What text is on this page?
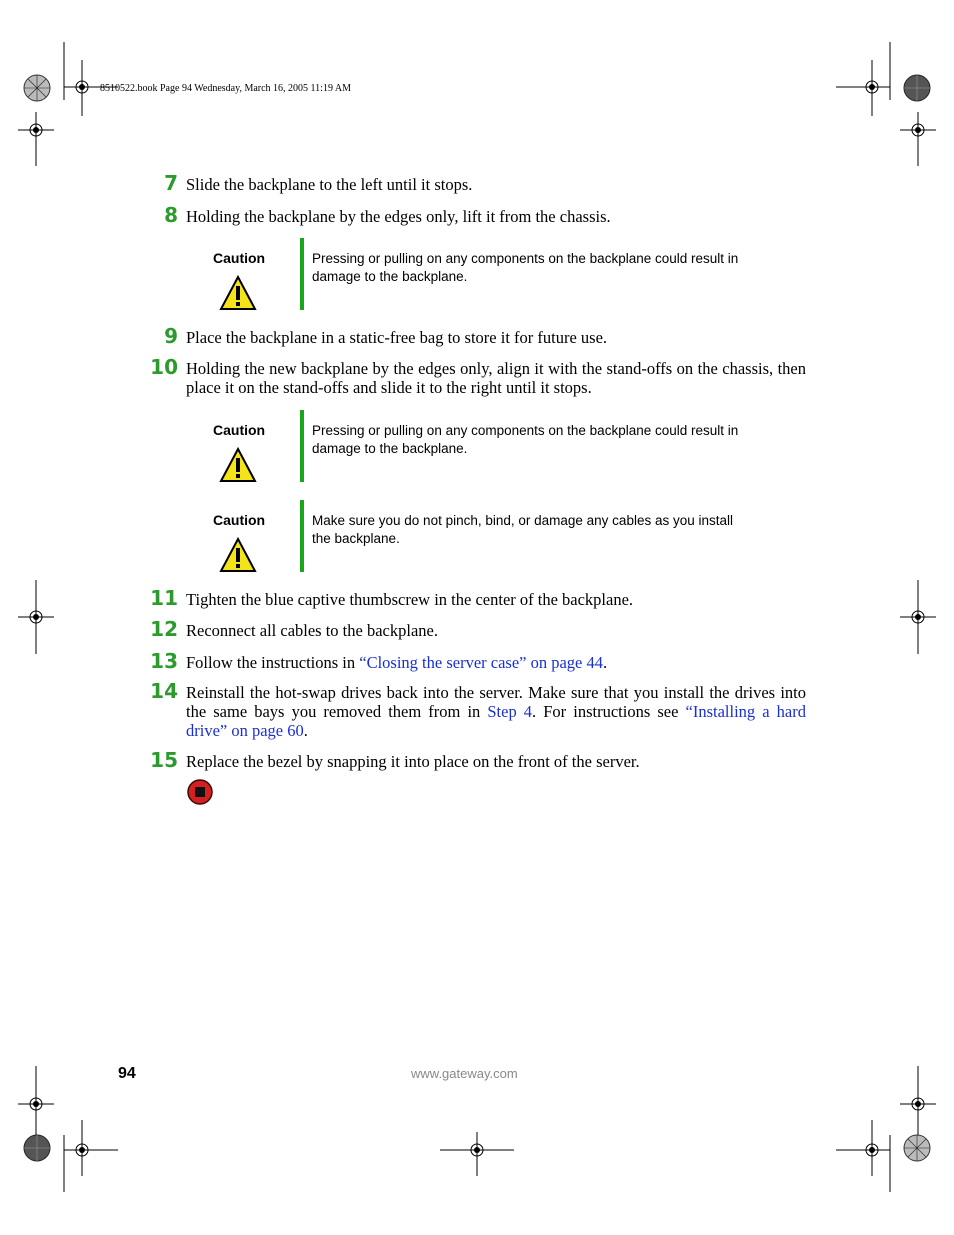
8510522.book Page 94 Wednesday, March 16, 2005 11:19 AM
7 Slide the backplane to the left until it stops.
8 Holding the backplane by the edges only, lift it from the chassis.
Caution	Pressing or pulling on any components on the backplane could result in damage to the backplane.
9 Place the backplane in a static-free bag to store it for future use.
10 Holding the new backplane by the edges only, align it with the stand-offs on the chassis, then place it on the stand-offs and slide it to the right until it stops.
Caution	Pressing or pulling on any components on the backplane could result in damage to the backplane.
Caution	Make sure you do not pinch, bind, or damage any cables as you install the backplane.
11 Tighten the blue captive thumbscrew in the center of the backplane.
12 Reconnect all cables to the backplane.
13 Follow the instructions in “Closing the server case” on page 44.
14 Reinstall the hot-swap drives back into the server. Make sure that you install the drives into the same bays you removed them from in Step 4. For instructions see “Installing a hard drive” on page 60.
15 Replace the bezel by snapping it into place on the front of the server.
94	www.gateway.com
